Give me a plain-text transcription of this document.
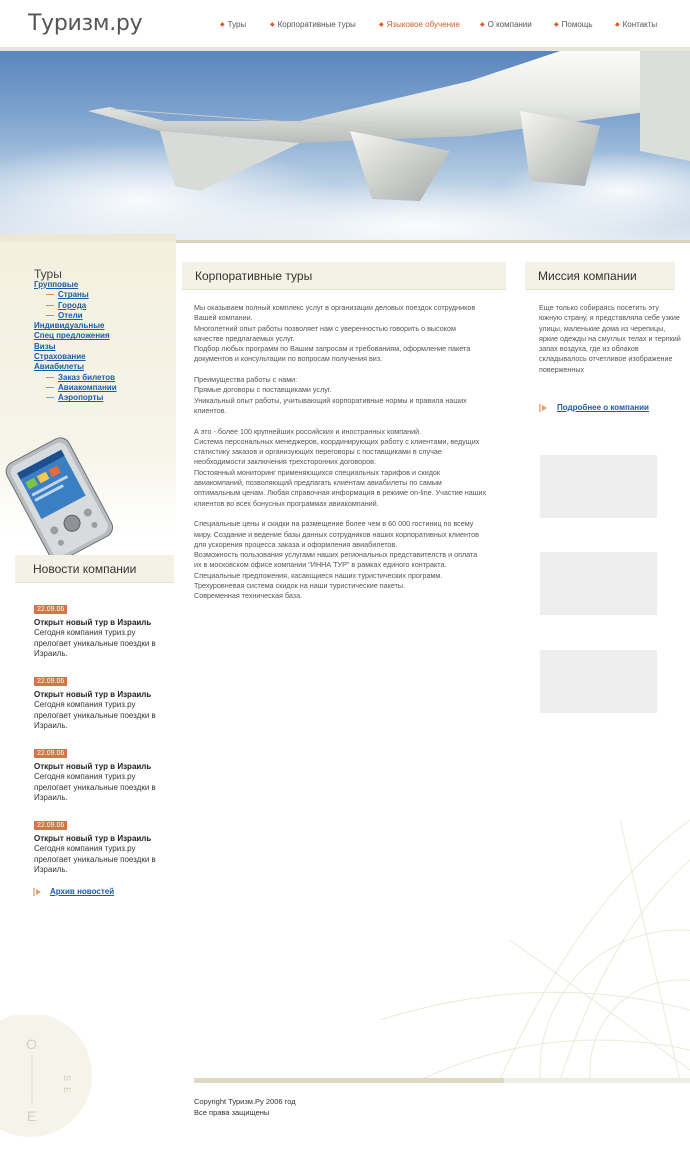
Туризм.ру	◆ Туры	◆ Корпоративные туры	◆ Языковое обучение	◆ О компании	◆ Помощь	◆ Контакты
Туры
Групповые
— Страны
— Города
— Отели
Индивидуальные
Спец предложения
Визы
Страхование
Авиабилеты
— Заказ билетов
— Авиакомпании
— Аэропорты
Новости компании
22.09.06
Открыт новый тур в Израиль
Сегодня компания туриз.ру прелогает уникальные поездки в Израиль.
22.09.06
Открыт новый тур в Израиль
Сегодня компания туриз.ру прелогает уникальные поездки в Израиль.
22.09.06
Открыт новый тур в Израиль
Сегодня компания туриз.ру прелогает уникальные поездки в Израиль.
22.09.06
Открыт новый тур в Израиль
Сегодня компания туриз.ру прелогает уникальные поездки в Израиль.
Архив новостей
Корпоративные туры

Мы оказываем полный комплекс услуг в организации деловых поездок сотрудников
Вашей компании.
Многолетний опыт работы позволяет нам с уверенностью говорить о высоком
качестве предлагаемых услуг.
Подбор любых программ по Вашим запросам и требованиям, оформление пакета
документов и консультации по вопросам получения виз.

Преимущества работы с нами:
Прямые договоры с поставщиками услуг.
Уникальный опыт работы, учитывающий корпоративные нормы и правила наших
клиентов.

А это - более 100 крупнейших российских и иностранных компаний.
Система персональных менеджеров, координирующих работу с клиентами, ведущих
статистику заказов и организующих переговоры с поставщиками в случае
необходимости заключения трехсторонних договоров.
Постоянный мониторинг применяющихся специальных тарифов и скидок
авиакомпаний, позволяющий предлагать клиентам авиабилеты по самым
оптимальным ценам. Любая справочная информация в режиме on-line. Участие наших
клиентов во всех бонусных программах авиакомпаний.

Специальные цены и скидки на размещение более чем в 60 000 гостиниц по всему
миру. Создание и ведение базы данных сотрудников наших корпоративных клиентов
для ускорения процесса заказа и оформления авиабилетов.
Возможность пользования услугами наших региональных представителств и оплата
их в московском офисе компании "ИННА ТУР" в рамках единого контракта.
Специальные предложения, касающиеся наших туристических программ.
Трехуровневая система скидок на наши туристические пакеты.
Современная техническая база.

Миссия компании
Еще только собираясь посетить эту южную страну, я представляла себе узкие улицы, маленькие дома из черепицы, яркие одежды на смуглых телах и терпкий запах воздуха, где из облаков складывалось отчетливое изображение поверженных
Подробнее о компании
O
E
S
E
Copyright Туризм.Ру 2006 год
Все права защищены
